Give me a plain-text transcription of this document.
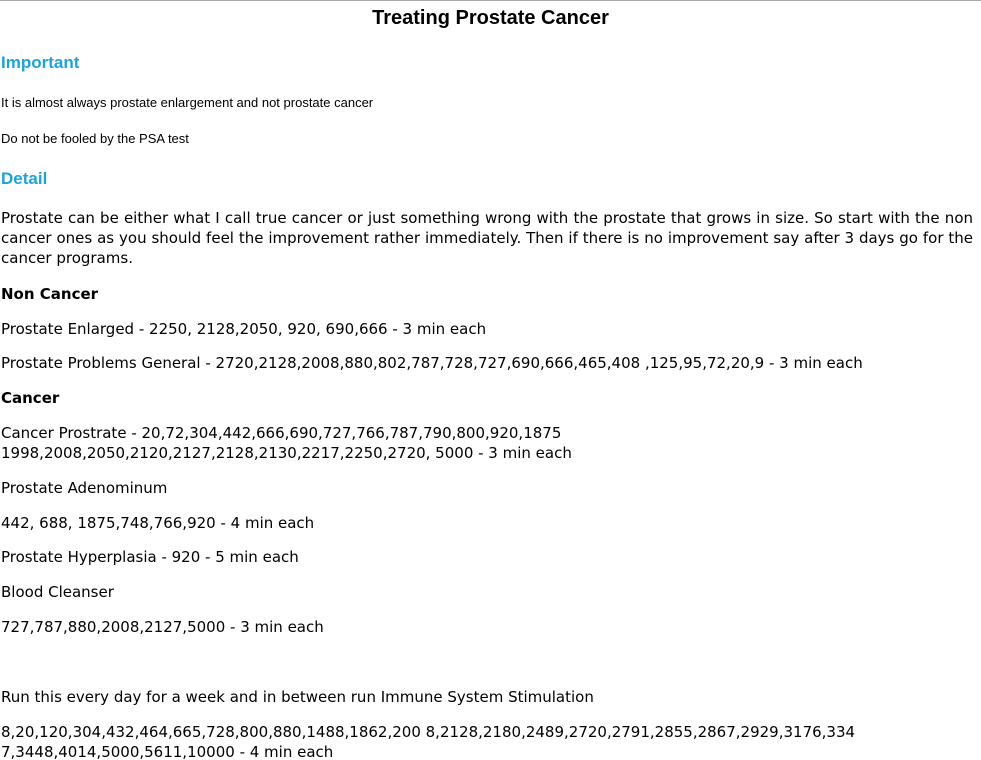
Treating Prostate Cancer
Important

It is almost always prostate enlargement and not prostate cancer

Do not be fooled by the PSA test

Detail

Prostate can be either what I call true cancer or just something wrong with the prostate that grows in size. So start with the non cancer ones as you should feel the improvement rather immediately. Then if there is no improvement say after 3 days go for the cancer programs.

Non Cancer

Prostate Enlarged - 2250, 2128,2050, 920, 690,666 - 3 min each

Prostate Problems General - 2720,2128,2008,880,802,787,728,727,690,666,465,408 ,125,95,72,20,9 - 3 min each

Cancer

Cancer Prostrate - 20,72,304,442,666,690,727,766,787,790,800,920,1875
1998,2008,2050,2120,2127,2128,2130,2217,2250,2720, 5000 - 3 min each

Prostate Adenominum

442, 688, 1875,748,766,920 - 4 min each

Prostate Hyperplasia - 920 - 5 min each

Blood Cleanser

727,787,880,2008,2127,5000 - 3 min each

Run this every day for a week and in between run Immune System Stimulation

8,20,120,304,432,464,665,728,800,880,1488,1862,200 8,2128,2180,2489,2720,2791,2855,2867,2929,3176,334
7,3448,4014,5000,5611,10000 - 4 min each
